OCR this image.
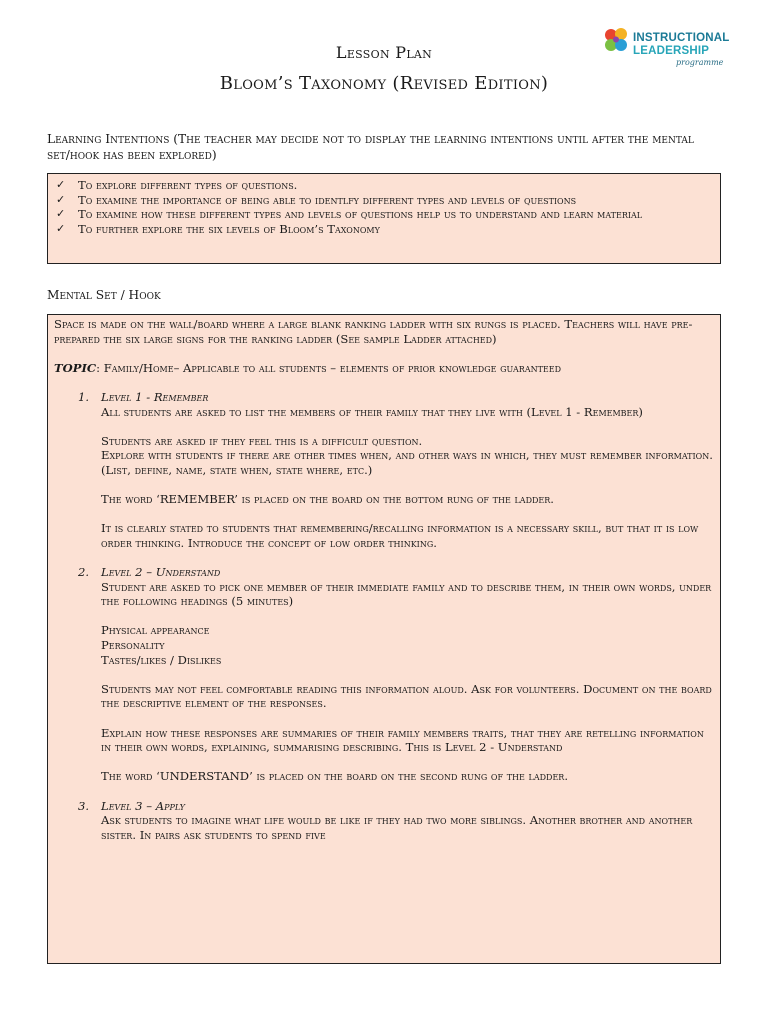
INSTRUCTIONAL
LEADERSHIP
programme
Lesson Plan
Bloom’s Taxonomy (Revised Edition)
Learning Intentions (The teacher may decide not to display the learning intentions until after the mental set/hook has been explored)
✓ To explore different types of questions.
✓ To examine the importance of being able to identlfy different types and levels of questions
✓ To examine how these different types and levels of questions help us to understand and learn material
✓ To further explore the six levels of Bloom’s Taxonomy
Mental Set / Hook

Space is made on the wall/board where a large blank ranking ladder with six rungs is placed. Teachers will have pre-prepared the six large signs for the ranking ladder (See sample Ladder attached)

TOPIC: Family/Home– Applicable to all students – elements of prior knowledge guaranteed

1. Level 1 - Remember
All students are asked to list the members of their family that they live with (Level 1 - Remember)
Students are asked if they feel this is a difficult question.
Explore with students if there are other times when, and other ways in which, they must remember information. (List, define, name, state when, state where, etc.)
The word ‘REMEMBER’ is placed on the board on the bottom rung of the ladder.
It is clearly stated to students that remembering/recalling information is a necessary skill, but that it is low order thinking. Introduce the concept of low order thinking.
2. Level 2 – Understand
Student are asked to pick one member of their immediate family and to describe them, in their own words, under the following headings (5 minutes)
Physical appearance
Personality
Tastes/likes / Dislikes
Students may not feel comfortable reading this information aloud. Ask for volunteers. Document on the board the descriptive element of the responses.
Explain how these responses are summaries of their family members traits, that they are retelling information in their own words, explaining, summarising describing. This is Level 2 - Understand
The word ‘UNDERSTAND’ is placed on the board on the second rung of the ladder.
3. Level 3 – Apply
Ask students to imagine what life would be like if they had two more siblings. Another brother and another sister. In pairs ask students to spend five
